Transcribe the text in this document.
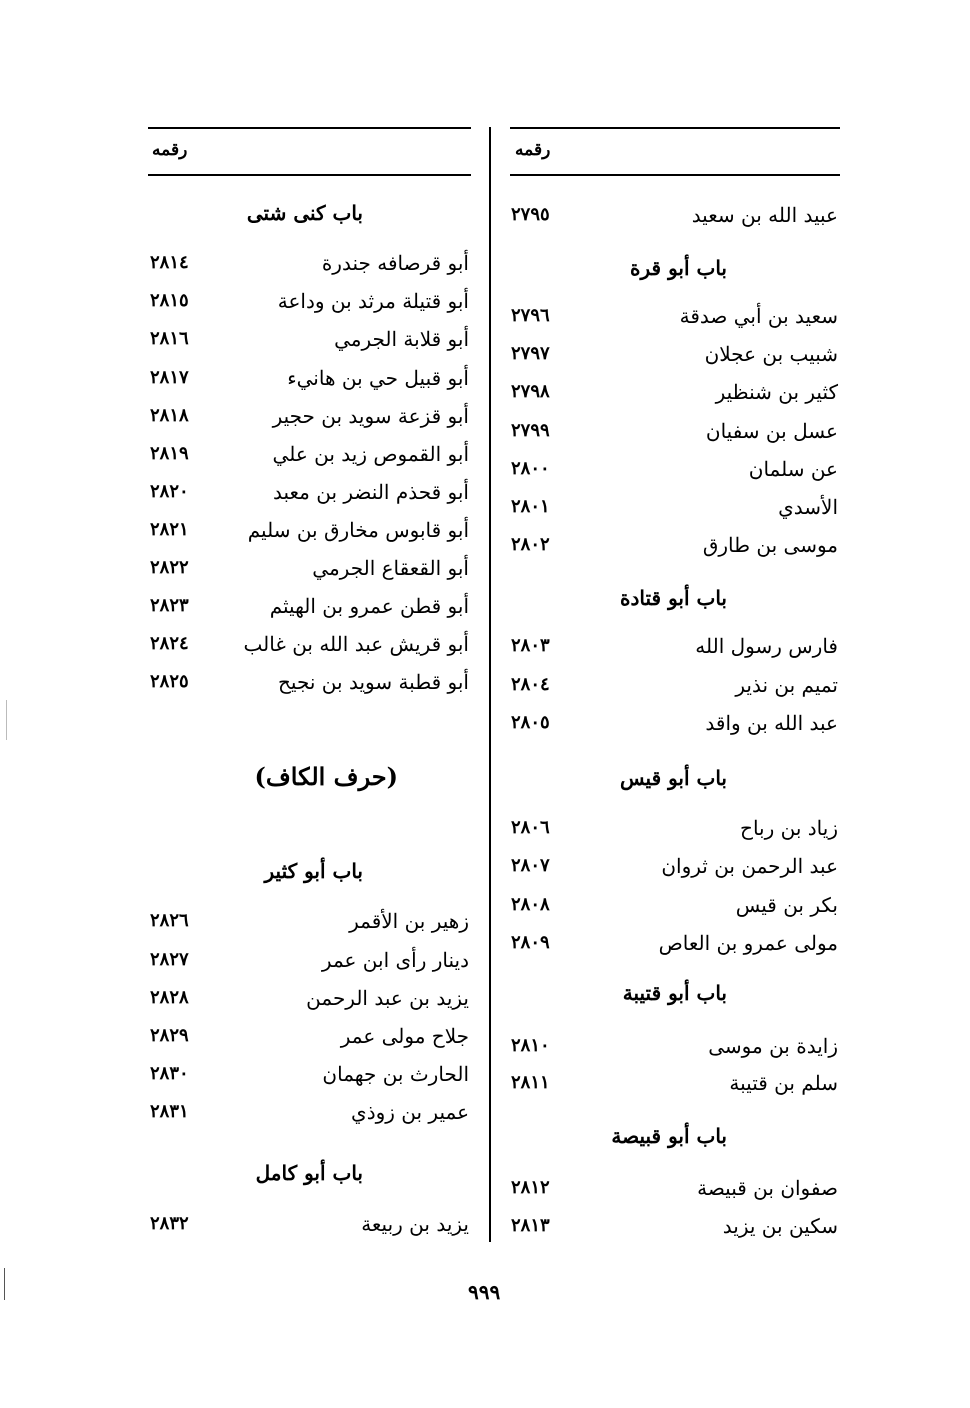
رقمه
رقمه
عبيد الله بن سعيد
٢٧٩٥
باب أبو قرة
سعيد بن أبي صدقة
٢٧٩٦
شبيب بن عجلان
٢٧٩٧
كثير بن شنظير
٢٧٩٨
عسل بن سفيان
٢٧٩٩
عن سلمان
٢٨٠٠
الأسدي
٢٨٠١
موسى بن طارق
٢٨٠٢
باب أبو قتادة
فارس رسول الله
٢٨٠٣
تميم بن نذير
٢٨٠٤
عبد الله بن واقد
٢٨٠٥
باب أبو قيس
زياد بن رباح
٢٨٠٦
عبد الرحمن بن ثروان
٢٨٠٧
بكر بن قيس
٢٨٠٨
مولى عمرو بن العاص
٢٨٠٩
باب أبو قتيبة
زايدة بن موسى
٢٨١٠
سلم بن قتيبة
٢٨١١
باب أبو قبيصة
صفوان بن قبيصة
٢٨١٢
سكين بن يزيد
٢٨١٣
باب كنى شتى
أبو قرصافه جندرة
٢٨١٤
أبو قتيلة مرثد بن وداعة
٢٨١٥
أبو قلابة الجرمي
٢٨١٦
أبو قبيل حي بن هانيء
٢٨١٧
أبو قزعة سويد بن حجير
٢٨١٨
أبو القموص زيد بن علي
٢٨١٩
أبو قحذم النضر بن معبد
٢٨٢٠
أبو قابوس مخارق بن سليم
٢٨٢١
أبو القعقاع الجرمي
٢٨٢٢
أبو قطن عمرو بن الهيثم
٢٨٢٣
أبو قريش عبد الله بن غالب
٢٨٢٤
أبو قطبة سويد بن نجيح
٢٨٢٥
(حرف الكاف)
باب أبو كثير
زهير بن الأقمر
٢٨٢٦
دينار رأى ابن عمر
٢٨٢٧
يزيد بن عبد الرحمن
٢٨٢٨
جلاح مولى عمر
٢٨٢٩
الحارث بن جهمان
٢٨٣٠
عمير بن زوذي
٢٨٣١
باب أبو كامل
يزيد بن ربيعة
٢٨٣٢
٩٩٩
